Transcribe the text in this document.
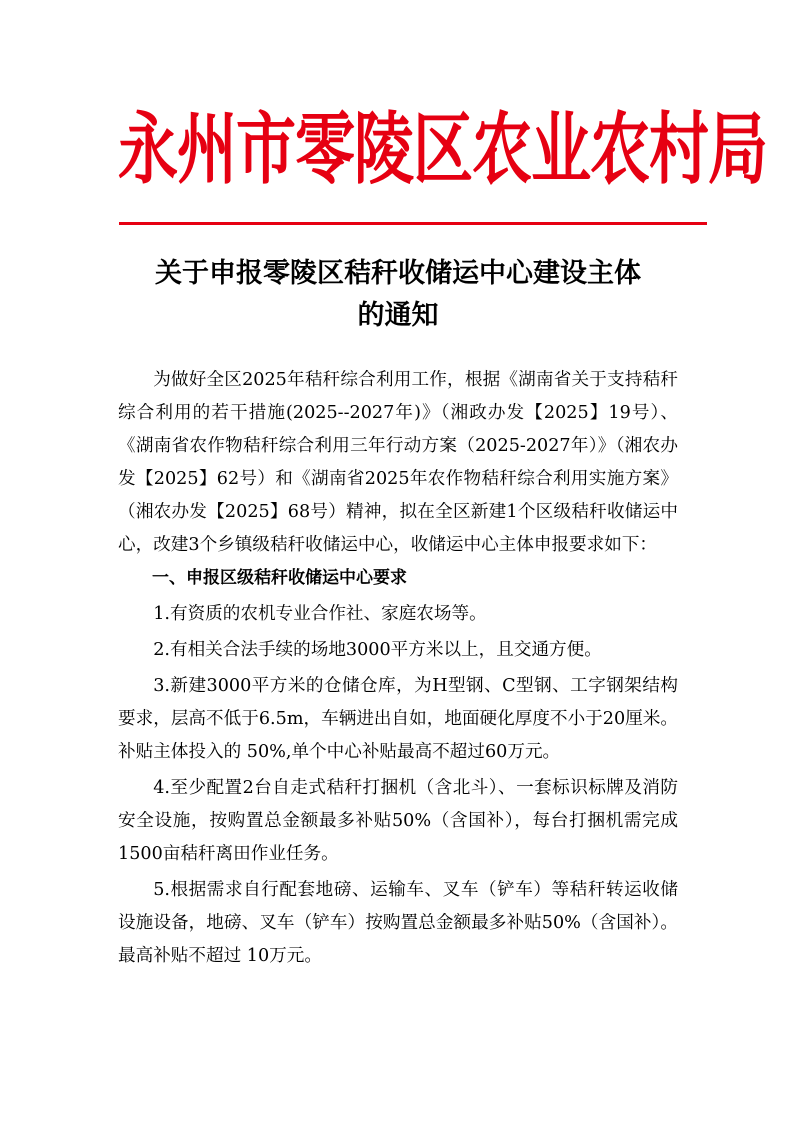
永州市零陵区农业农村局
关于申报零陵区秸秆收储运中心建设主体
的通知

为做好全区2025年秸秆综合利用工作，根据《湖南省关于支持秸秆综合利用的若干措施(2025--2027年)》（湘政办发【2025】19号）、《湖南省农作物秸秆综合利用三年行动方案（2025-2027年）》（湘农办发【2025】62号）和《湖南省2025年农作物秸秆综合利用实施方案》（湘农办发【2025】68号）精神，拟在全区新建1个区级秸秆收储运中心，改建3个乡镇级秸秆收储运中心，收储运中心主体申报要求如下：

一、申报区级秸秆收储运中心要求

1.有资质的农机专业合作社、家庭农场等。

2.有相关合法手续的场地3000平方米以上，且交通方便。

3.新建3000平方米的仓储仓库，为H型钢、C型钢、工字钢架结构要求，层高不低于6.5m，车辆进出自如，地面硬化厚度不小于20厘米。补贴主体投入的 50%,单个中心补贴最高不超过60万元。

4.至少配置2台自走式秸秆打捆机（含北斗）、一套标识标牌及消防安全设施，按购置总金额最多补贴50%（含国补），每台打捆机需完成1500亩秸秆离田作业任务。

5.根据需求自行配套地磅、运输车、叉车（铲车）等秸秆转运收储设施设备，地磅、叉车（铲车）按购置总金额最多补贴50%（含国补）。最高补贴不超过 10万元。
